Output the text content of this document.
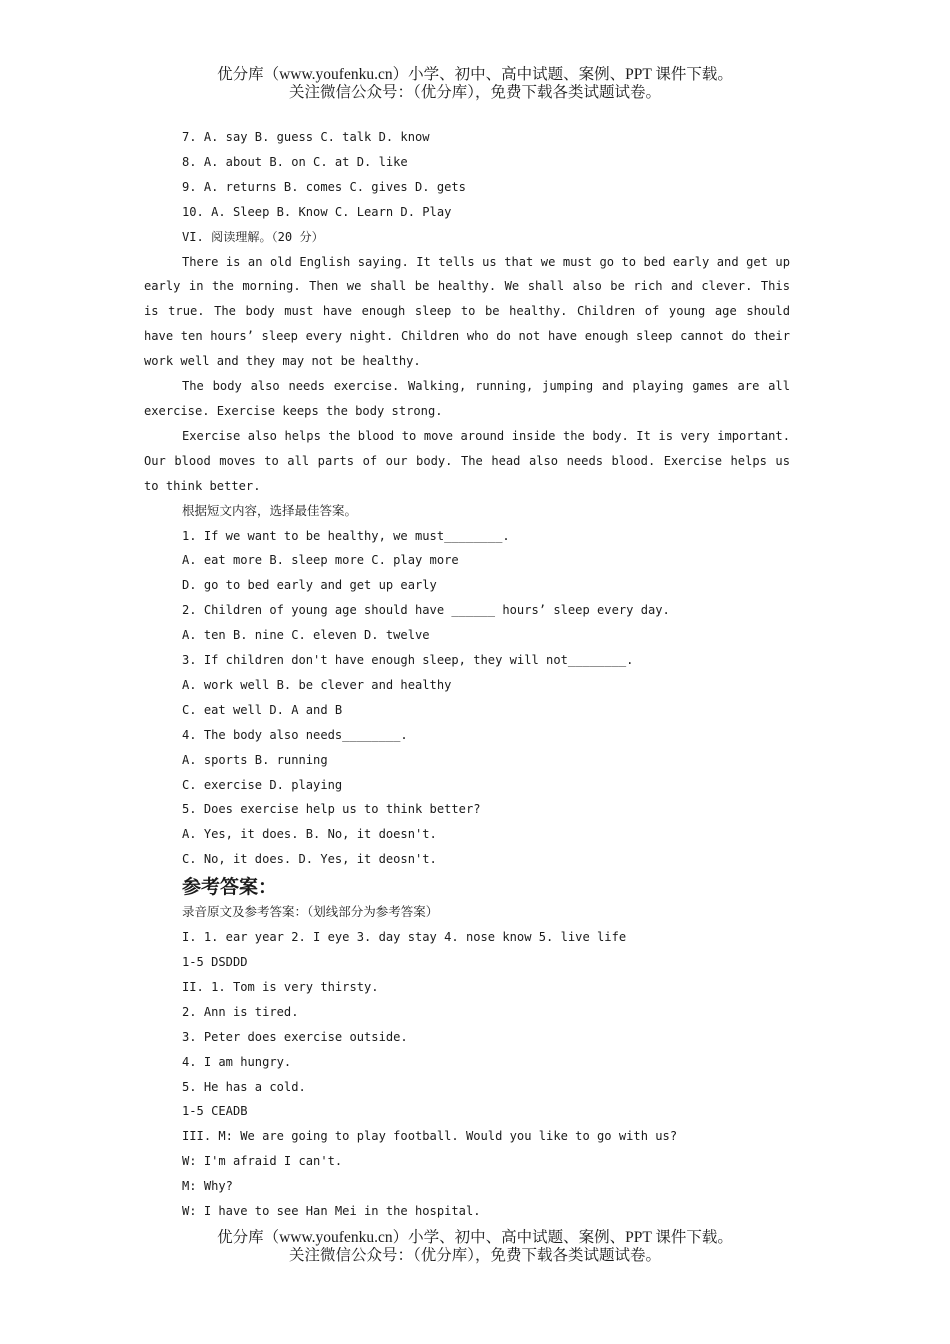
优分库（www.youfenku.cn）小学、初中、高中试题、案例、PPT 课件下载。
关注微信公众号：（优分库），免费下载各类试题试卷。
7. A. say B. guess C. talk D. know
8. A. about B. on C. at D. like
9. A. returns B. comes C. gives D. gets
10. A. Sleep B. Know C. Learn D. Play
VI. 阅读理解。（20 分）
There is an old English saying. It tells us that we must go to bed early and get up early in the morning. Then we shall be healthy. We shall also be rich and clever. This is true. The body must have enough sleep to be healthy. Children of young age should have ten hours’ sleep every night. Children who do not have enough sleep cannot do their work well and they may not be healthy.
The body also needs exercise. Walking, running, jumping and playing games are all exercise. Exercise keeps the body strong.
Exercise also helps the blood to move around inside the body. It is very important. Our blood moves to all parts of our body. The head also needs blood. Exercise helps us to think better.
根据短文内容，选择最佳答案。
1. If we want to be healthy, we must________.
A. eat more B. sleep more C. play more
D. go to bed early and get up early
2. Children of young age should have ______ hours’ sleep every day.
A. ten B. nine C. eleven D. twelve
3. If children don't have enough sleep, they will not________.
A. work well B. be clever and healthy
C. eat well D. A and B
4. The body also needs________.
A. sports B. running
C. exercise D. playing
5. Does exercise help us to think better?
A. Yes, it does. B. No, it doesn't.
C. No, it does. D. Yes, it deosn't.
参考答案：
录音原文及参考答案：（划线部分为参考答案）
I. 1. ear year 2. I eye 3. day stay 4. nose know 5. live life
1-5 DSDDD
II. 1. Tom is very thirsty.
2. Ann is tired.
3. Peter does exercise outside.
4. I am hungry.
5. He has a cold.
1-5 CEADB
III. M: We are going to play football. Would you like to go with us?
W: I'm afraid I can't.
M: Why?
W: I have to see Han Mei in the hospital.
优分库（www.youfenku.cn）小学、初中、高中试题、案例、PPT 课件下载。
关注微信公众号：（优分库），免费下载各类试题试卷。
